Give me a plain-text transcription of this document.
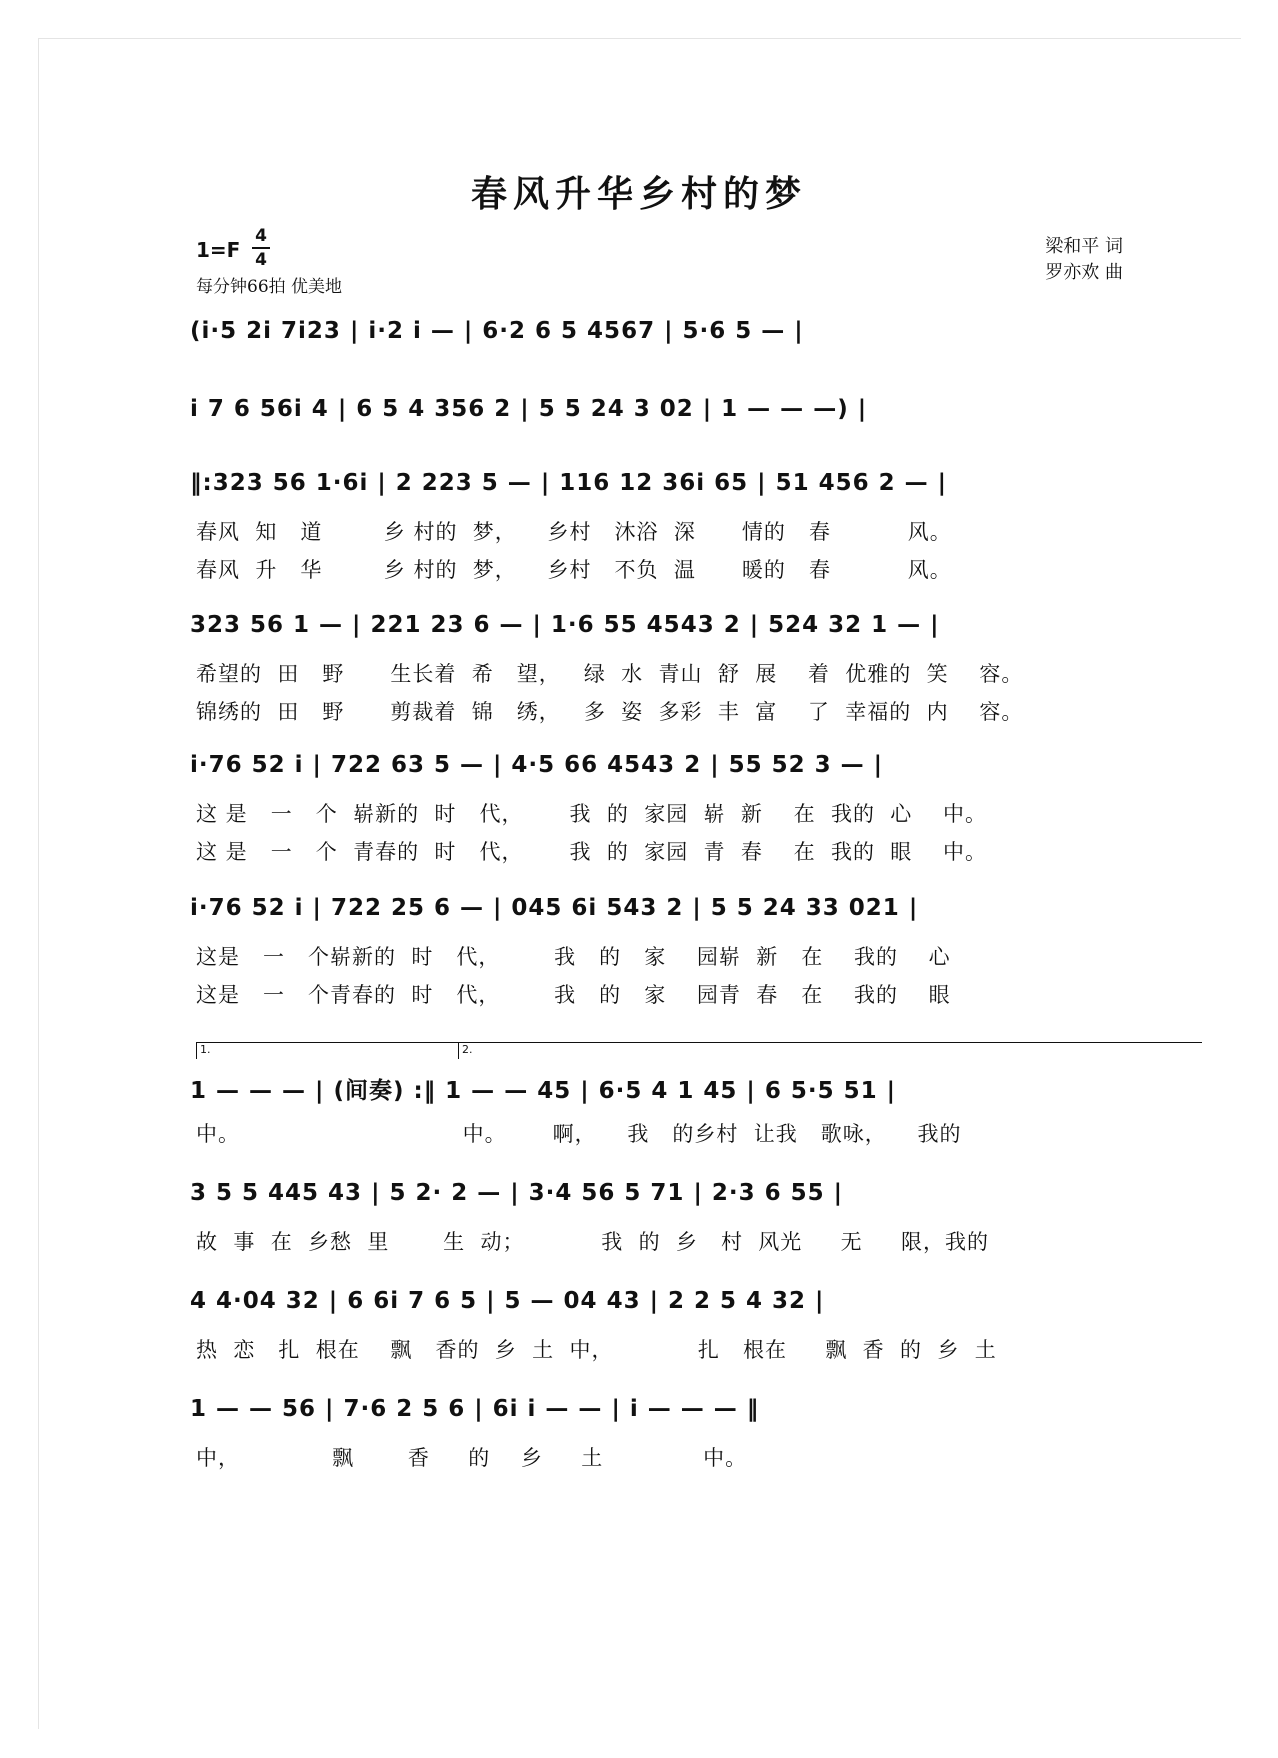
春风升华乡村的梦
1=F
4
4
每分钟66拍 优美地
梁和平 词
罗亦欢 曲
(i·5 2i 7i23 | i·2 i — | 6·2 6 5 4567 | 5·6 5 — |
i 7 6 56i 4 | 6 5 4 356 2 | 5 5 24 3 02 | 1 — — —) |
‖:323 56 1·6i | 2 223 5 — | 116 12 36i 65 | 51 456 2 — |
春风  知   道        乡 村的  梦，    乡村   沐浴  深      情的   春          风。
春风  升   华        乡 村的  梦，    乡村   不负  温      暖的   春          风。
323 56 1 — | 221 23 6 — | 1·6 55 4543 2 | 524 32 1 — |
希望的  田   野      生长着  希   望，   绿  水  青山  舒  展    着  优雅的  笑    容。
锦绣的  田   野      剪裁着  锦   绣，   多  姿  多彩  丰  富    了  幸福的  内    容。
i·76 52 i | 722 63 5 — | 4·5 66 4543 2 | 55 52 3 — |
这 是   一   个  崭新的  时   代，      我  的  家园  崭  新    在  我的  心    中。
这 是   一   个  青春的  时   代，      我  的  家园  青  春    在  我的  眼    中。
i·76 52 i | 722 25 6 — | 045 6i 543 2 | 5 5 24 33 021 |
这是   一   个崭新的  时   代，       我   的   家    园崭  新   在    我的    心
这是   一   个青春的  时   代，       我   的   家    园青  春   在    我的    眼
1 — — — | (间奏) :‖ 1 — — 45 | 6·5 4 1 45 | 6 5·5 51 |
中。                             中。      啊，    我   的乡村  让我   歌咏，    我的
3 5 5 445 43 | 5 2· 2 — | 3·4 56 5 71 | 2·3 6 55 |
故  事  在  乡愁  里       生  动；          我  的  乡   村  风光     无     限，我的
4 4·04 32 | 6 6i 7 6 5 | 5 — 04 43 | 2 2 5 4 32 |
热  恋   扎  根在    飘   香的  乡  土  中，           扎   根在     飘  香  的  乡  土
1 — — 56 | 7·6 2 5 6 | 6i i — — | i — — — ‖
中，            飘       香     的    乡     土             中。
1.	2.
